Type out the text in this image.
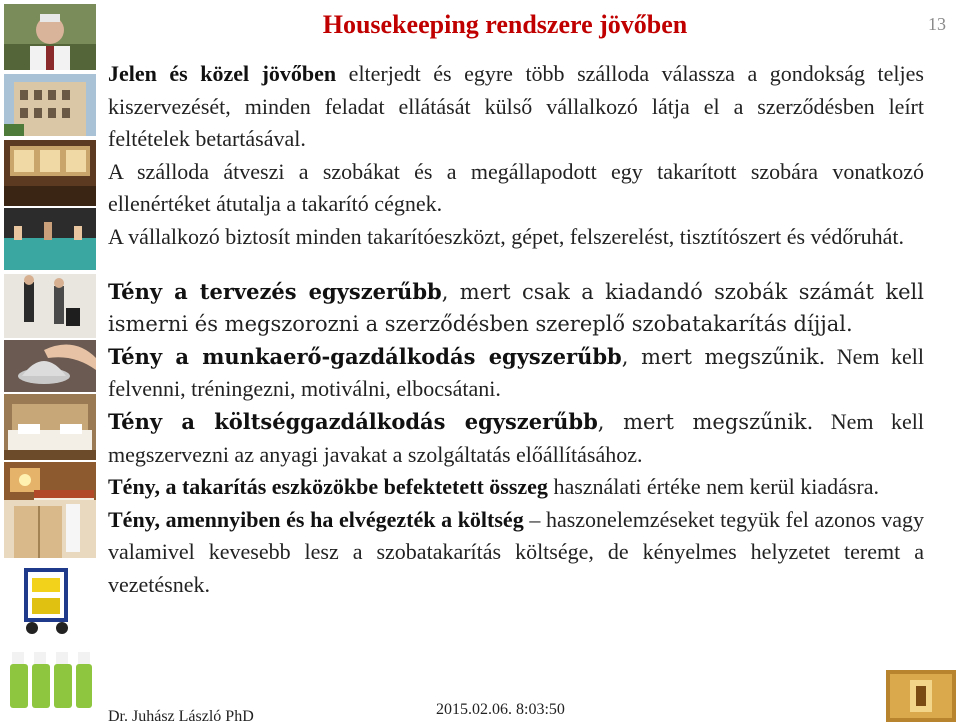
Housekeeping rendszere jövőben	13

Jelen és közel jövőben elterjedt és egyre több szálloda válassza a gondokság teljes kiszervezését, minden feladat ellátását külső vállalkozó látja el a szerződésben leírt feltételek betartásával.
A szálloda átveszi a szobákat és a megállapodott egy takarított szobára vonatkozó ellenértéket átutalja a takarító cégnek.
A vállalkozó biztosít minden takarítóeszközt, gépet, felszerelést, tisztítószert és védőruhát.

Tény a tervezés egyszerűbb, mert csak a kiadandó szobák számát kell ismerni és megszorozni a szerződésben szereplő szobatakarítás díjjal.
Tény a munkaerő-gazdálkodás egyszerűbb, mert megszűnik. Nem kell felvenni, tréningezni, motiválni, elbocsátani.
Tény a költséggazdálkodás egyszerűbb, mert megszűnik. Nem kell megszervezni az anyagi javakat a szolgáltatás előállításához.
Tény, a takarítás eszközökbe befektetett összeg használati értéke nem kerül kiadásra.
Tény, amennyiben és ha elvégezték a költség – haszonelemzéseket tegyük fel azonos vagy valamivel kevesebb lesz a szobatakarítás költsége, de kényelmes helyzetet teremt a vezetésnek.

Dr. Juhász László PhD	2015.02.06. 8:03:50
